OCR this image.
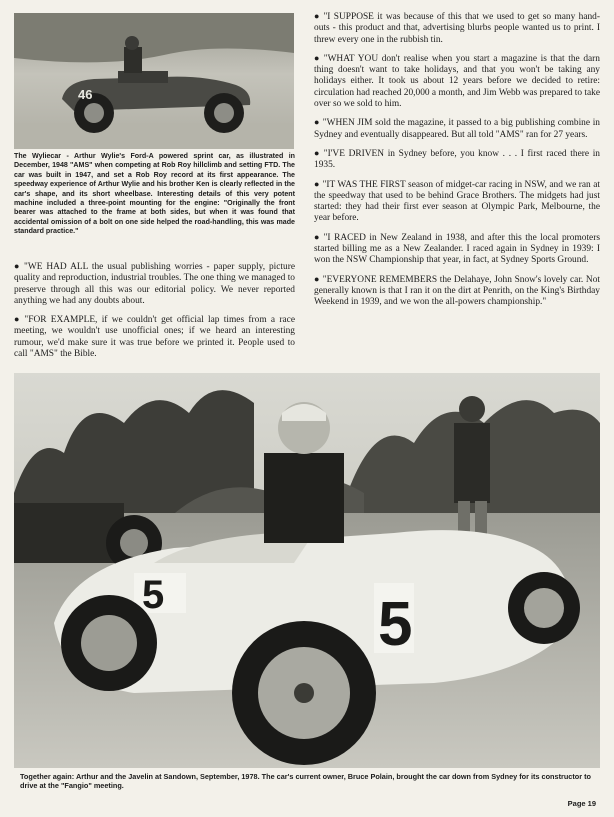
46

The Wyliecar - Arthur Wylie's Ford-A powered sprint car, as illustrated in December, 1948 "AMS" when competing at Rob Roy hillclimb and setting FTD. The car was built in 1947, and set a Rob Roy record at its first appearance. The speedway experience of Arthur Wylie and his brother Ken is clearly reflected in the car's shape, and its short wheelbase. Interesting details of this very potent machine included a three-point mounting for the engine: "Originally the front bearer was attached to the frame at both sides, but when it was found that accidental omission of a bolt on one side helped the road-handling, this was made standard practice."

● "WE HAD ALL the usual publishing worries - paper supply, picture quality and reproduction, industrial troubles. The one thing we managed to preserve through all this was our editorial policy. We never reported anything we had any doubts about.

● "FOR EXAMPLE, if we couldn't get official lap times from a race meeting, we wouldn't use unofficial ones; if we heard an interesting rumour, we'd make sure it was true before we printed it. People used to call "AMS" the Bible.

● "I SUPPOSE it was because of this that we used to get so many hand-outs - this product and that, advertising blurbs people wanted us to print. I threw every one in the rubbish tin.

● "WHAT YOU don't realise when you start a magazine is that the darn thing doesn't want to take holidays, and that you won't be taking any holidays either. It took us about 12 years before we decided to retire: circulation had reached 20,000 a month, and Jim Webb was prepared to take over so we sold to him.

● "WHEN JIM sold the magazine, it passed to a big publishing combine in Sydney and eventually disappeared. But all told "AMS" ran for 27 years.

● "I'VE DRIVEN in Sydney before, you know . . . I first raced there in 1935.

● "IT WAS THE FIRST season of midget-car racing in NSW, and we ran at the speedway that used to be behind Grace Brothers. The midgets had just started: they had their first ever season at Olympic Park, Melbourne, the year before.

● "I RACED in New Zealand in 1938, and after this the local promoters started billing me as a New Zealander. I raced again in Sydney in 1939: I won the NSW Championship that year, in fact, at Sydney Sports Ground.

● "EVERYONE REMEMBERS the Delahaye, John Snow's lovely car. Not generally known is that I ran it on the dirt at Penrith, on the King's Birthday Weekend in 1939, and we won the all-powers championship."

5	5

Together again: Arthur and the Javelin at Sandown, September, 1978. The car's current owner, Bruce Polain, brought the car down from Sydney for its constructor to drive at the "Fangio" meeting.

Page 19
